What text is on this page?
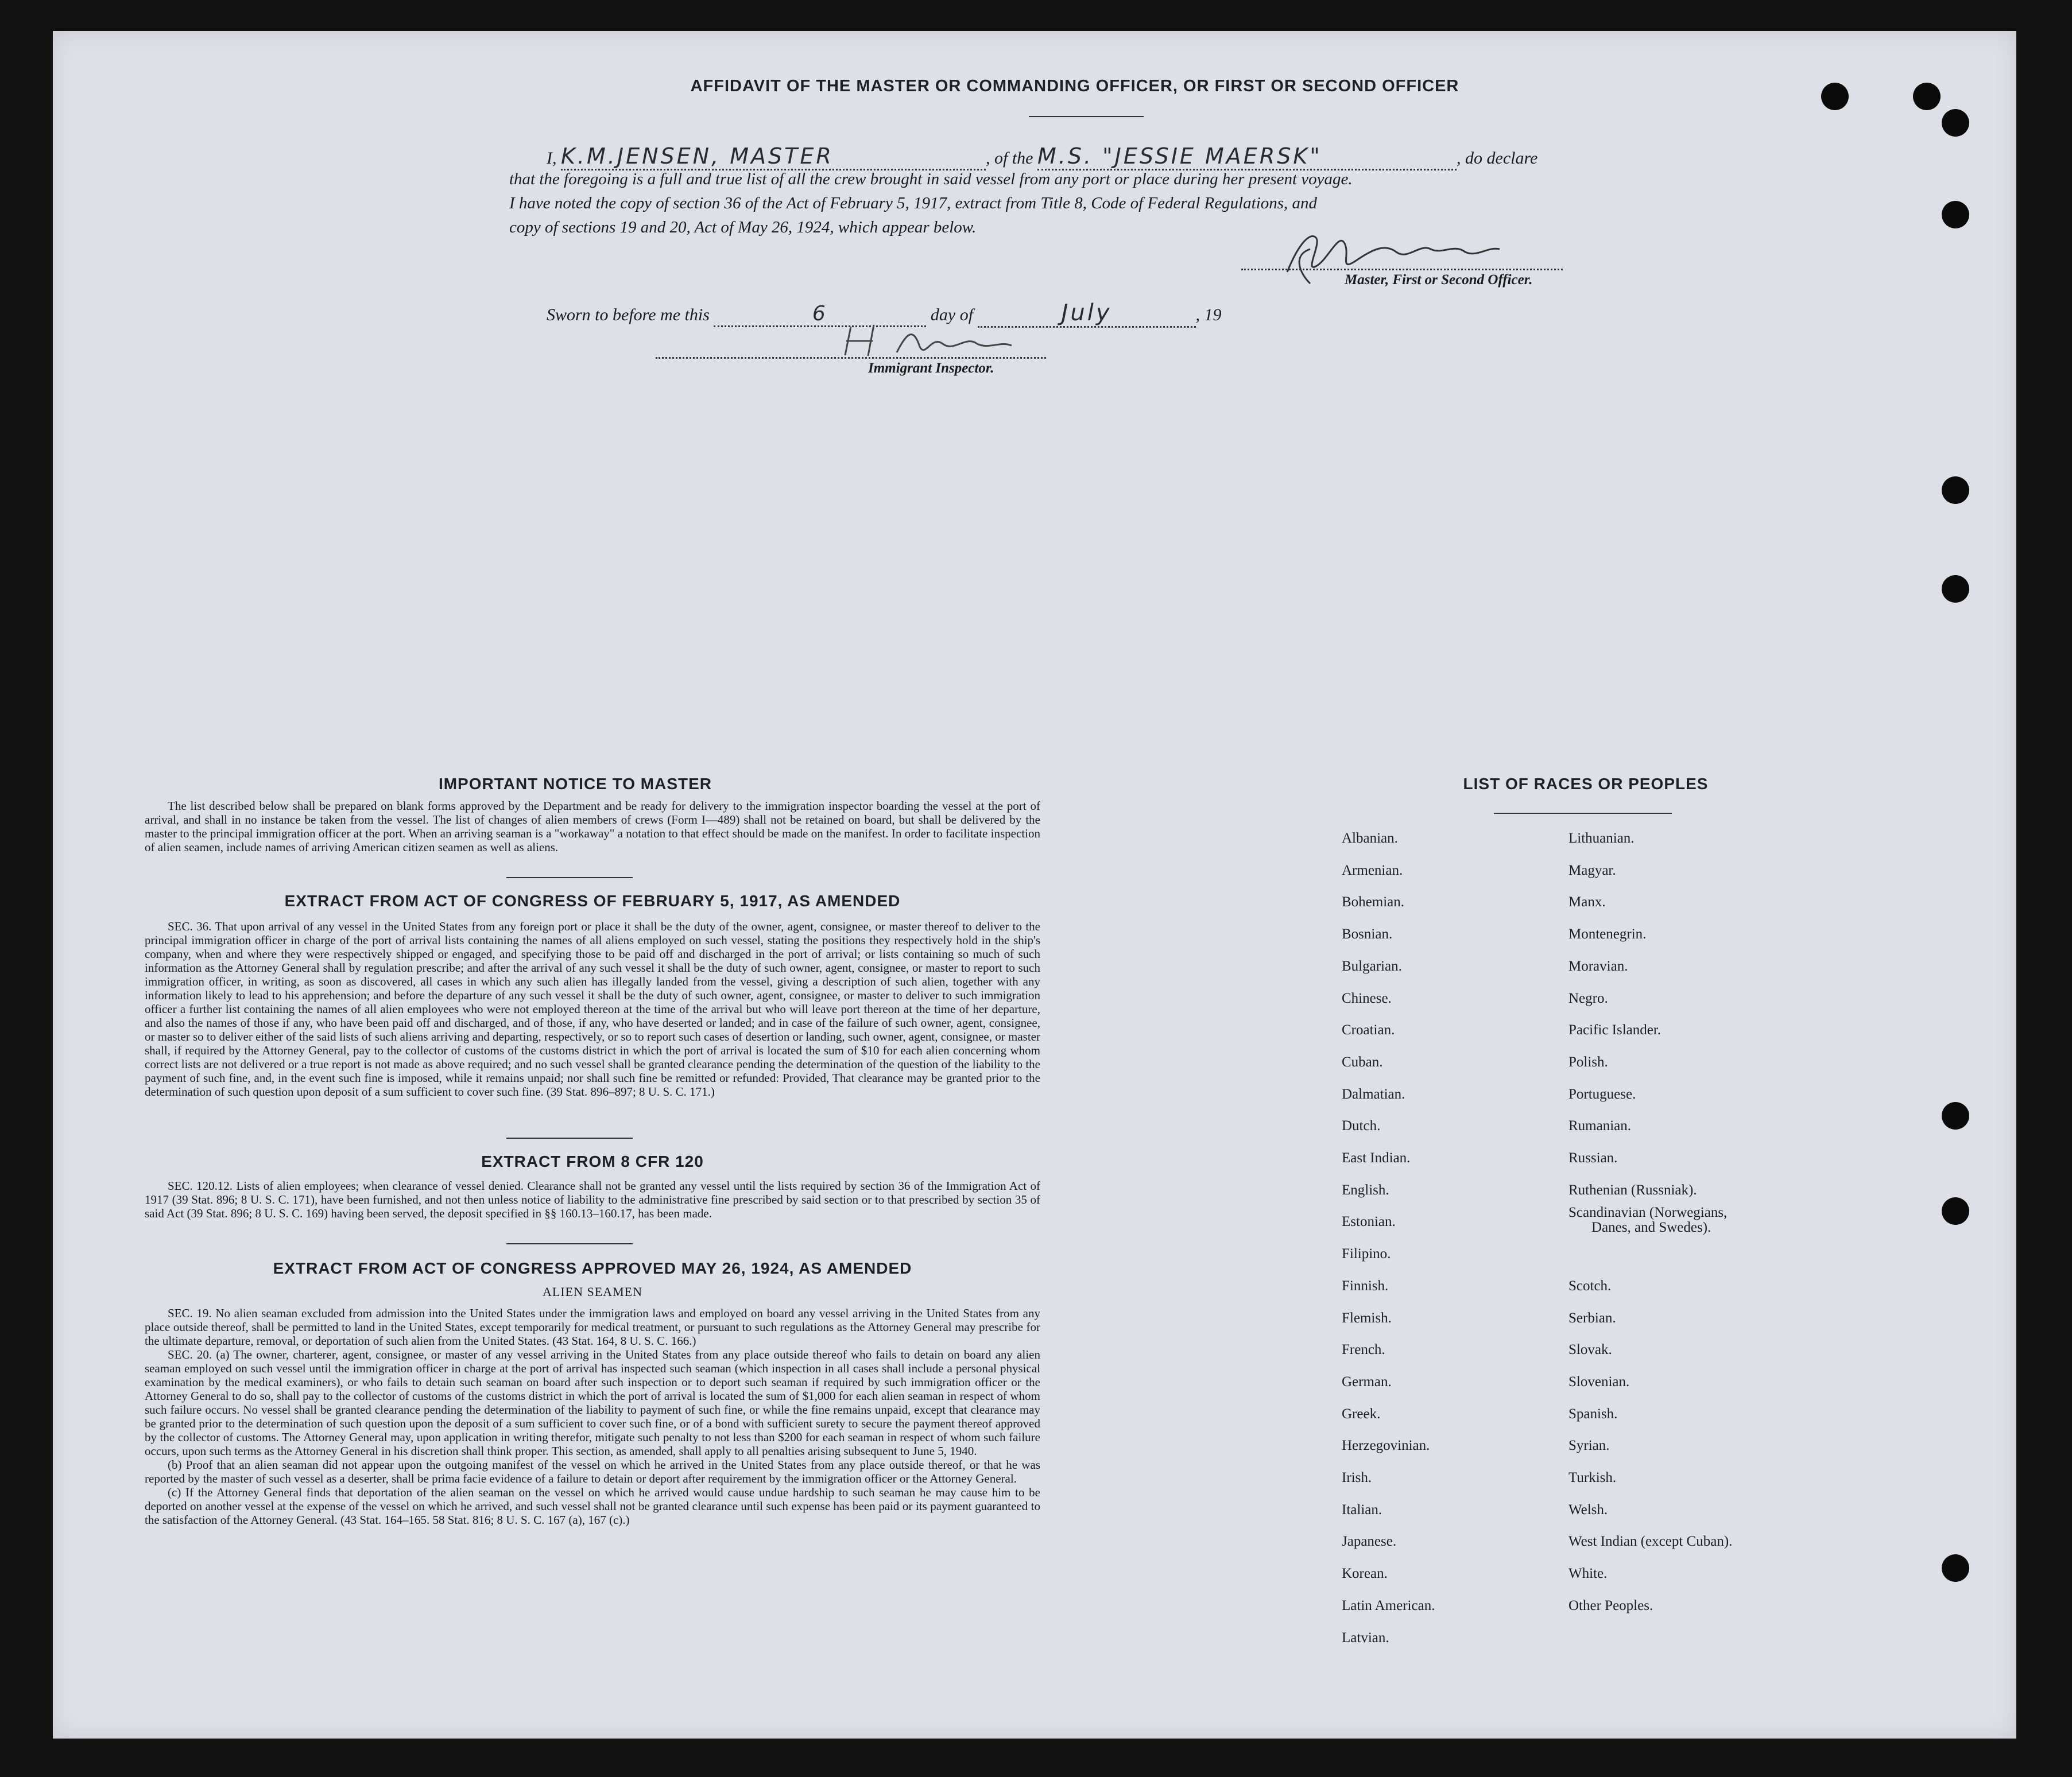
AFFIDAVIT OF THE MASTER OR COMMANDING OFFICER, OR FIRST OR SECOND OFFICER
I, K.M.JENSEN, MASTER	, of the M.S. "JESSIE MAERSK"	, do declare
that the foregoing is a full and true list of all the crew brought in said vessel from any port or place during her present voyage.
I have noted the copy of section 36 of the Act of February 5, 1917, extract from Title 8, Code of Federal Regulations, and
copy of sections 19 and 20, Act of May 26, 1924, which appear below.
Master, First or Second Officer.
Sworn to before me this	6	day of	July	, 19
Immigrant Inspector.
IMPORTANT NOTICE TO MASTER
The list described below shall be prepared on blank forms approved by the Department and be ready for delivery to the immigration inspector boarding the vessel at the port of arrival, and shall in no instance be taken from the vessel. The list of changes of alien members of crews (Form I—489) shall not be retained on board, but shall be delivered by the master to the principal immigration officer at the port. When an arriving seaman is a "workaway" a notation to that effect should be made on the manifest. In order to facilitate inspection of alien seamen, include names of arriving American citizen seamen as well as aliens.
EXTRACT FROM ACT OF CONGRESS OF FEBRUARY 5, 1917, AS AMENDED
SEC. 36. That upon arrival of any vessel in the United States from any foreign port or place it shall be the duty of the owner, agent, consignee, or master thereof to deliver to the principal immigration officer in charge of the port of arrival lists containing the names of all aliens employed on such vessel, stating the positions they respectively hold in the ship's company, when and where they were respectively shipped or engaged, and specifying those to be paid off and discharged in the port of arrival; or lists containing so much of such information as the Attorney General shall by regulation prescribe; and after the arrival of any such vessel it shall be the duty of such owner, agent, consignee, or master to report to such immigration officer, in writing, as soon as discovered, all cases in which any such alien has illegally landed from the vessel, giving a description of such alien, together with any information likely to lead to his apprehension; and before the departure of any such vessel it shall be the duty of such owner, agent, consignee, or master to deliver to such immigration officer a further list containing the names of all alien employees who were not employed thereon at the time of the arrival but who will leave port thereon at the time of her departure, and also the names of those if any, who have been paid off and discharged, and of those, if any, who have deserted or landed; and in case of the failure of such owner, agent, consignee, or master so to deliver either of the said lists of such aliens arriving and departing, respectively, or so to report such cases of desertion or landing, such owner, agent, consignee, or master shall, if required by the Attorney General, pay to the collector of customs of the customs district in which the port of arrival is located the sum of $10 for each alien concerning whom correct lists are not delivered or a true report is not made as above required; and no such vessel shall be granted clearance pending the determination of the question of the liability to the payment of such fine, and, in the event such fine is imposed, while it remains unpaid; nor shall such fine be remitted or refunded: Provided, That clearance may be granted prior to the determination of such question upon deposit of a sum sufficient to cover such fine. (39 Stat. 896–897; 8 U. S. C. 171.)
EXTRACT FROM 8 CFR 120
SEC. 120.12. Lists of alien employees; when clearance of vessel denied. Clearance shall not be granted any vessel until the lists required by section 36 of the Immigration Act of 1917 (39 Stat. 896; 8 U. S. C. 171), have been furnished, and not then unless notice of liability to the administrative fine prescribed by said section or to that prescribed by section 35 of said Act (39 Stat. 896; 8 U. S. C. 169) having been served, the deposit specified in §§ 160.13–160.17, has been made.
EXTRACT FROM ACT OF CONGRESS APPROVED MAY 26, 1924, AS AMENDED
ALIEN SEAMEN
SEC. 19. No alien seaman excluded from admission into the United States under the immigration laws and employed on board any vessel arriving in the United States from any place outside thereof, shall be permitted to land in the United States, except temporarily for medical treatment, or pursuant to such regulations as the Attorney General may prescribe for the ultimate departure, removal, or deportation of such alien from the United States. (43 Stat. 164, 8 U. S. C. 166.)
SEC. 20. (a) The owner, charterer, agent, consignee, or master of any vessel arriving in the United States from any place outside thereof who fails to detain on board any alien seaman employed on such vessel until the immigration officer in charge at the port of arrival has inspected such seaman (which inspection in all cases shall include a personal physical examination by the medical examiners), or who fails to detain such seaman on board after such inspection or to deport such seaman if required by such immigration officer or the Attorney General to do so, shall pay to the collector of customs of the customs district in which the port of arrival is located the sum of $1,000 for each alien seaman in respect of whom such failure occurs. No vessel shall be granted clearance pending the determination of the liability to payment of such fine, or while the fine remains unpaid, except that clearance may be granted prior to the determination of such question upon the deposit of a sum sufficient to cover such fine, or of a bond with sufficient surety to secure the payment thereof approved by the collector of customs. The Attorney General may, upon application in writing therefor, mitigate such penalty to not less than $200 for each seaman in respect of whom such failure occurs, upon such terms as the Attorney General in his discretion shall think proper. This section, as amended, shall apply to all penalties arising subsequent to June 5, 1940.
(b) Proof that an alien seaman did not appear upon the outgoing manifest of the vessel on which he arrived in the United States from any place outside thereof, or that he was reported by the master of such vessel as a deserter, shall be prima facie evidence of a failure to detain or deport after requirement by the immigration officer or the Attorney General.
(c) If the Attorney General finds that deportation of the alien seaman on the vessel on which he arrived would cause undue hardship to such seaman he may cause him to be deported on another vessel at the expense of the vessel on which he arrived, and such vessel shall not be granted clearance until such expense has been paid or its payment guaranteed to the satisfaction of the Attorney General. (43 Stat. 164–165. 58 Stat. 816; 8 U. S. C. 167 (a), 167 (c).)
LIST OF RACES OR PEOPLES
Albanian.
Armenian.
Bohemian.
Bosnian.
Bulgarian.
Chinese.
Croatian.
Cuban.
Dalmatian.
Dutch.
East Indian.
English.
Estonian.
Filipino.
Finnish.
Flemish.
French.
German.
Greek.
Herzegovinian.
Irish.
Italian.
Japanese.
Korean.
Latin American.
Latvian.
Lithuanian.
Magyar.
Manx.
Montenegrin.
Moravian.
Negro.
Pacific Islander.
Polish.
Portuguese.
Rumanian.
Russian.
Ruthenian (Russniak).
Scandinavian (Norwegians,
Danes, and Swedes).
Scotch.
Serbian.
Slovak.
Slovenian.
Spanish.
Syrian.
Turkish.
Welsh.
West Indian (except Cuban).
White.
Other Peoples.
